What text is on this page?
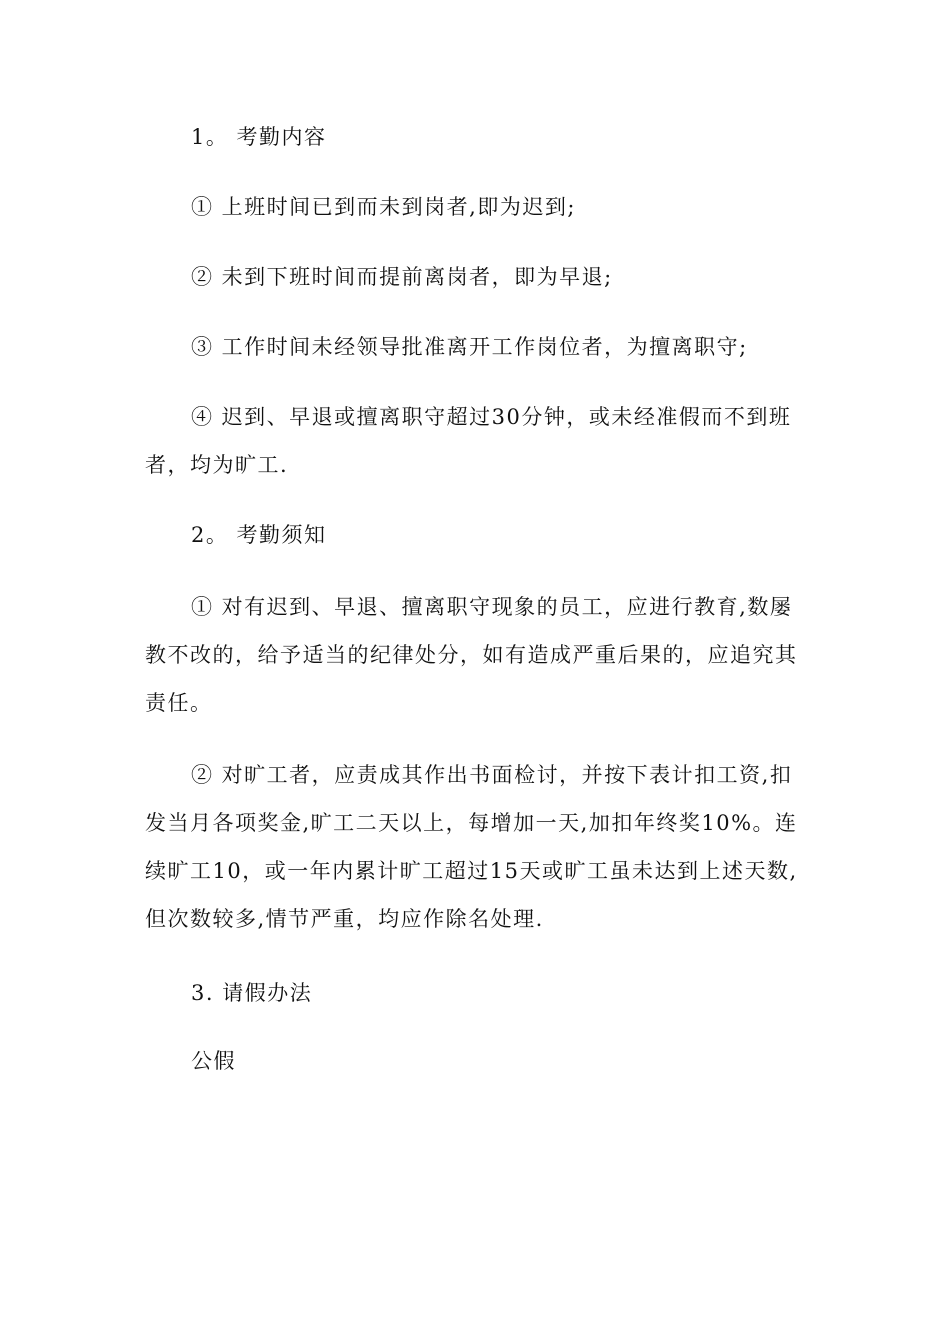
1。 考勤内容

① 上班时间已到而未到岗者,即为迟到;

② 未到下班时间而提前离岗者，即为早退;

③ 工作时间未经领导批准离开工作岗位者，为擅离职守;

④ 迟到、早退或擅离职守超过30分钟，或未经准假而不到班者，均为旷工.

2。 考勤须知

① 对有迟到、早退、擅离职守现象的员工，应进行教育,数屡教不改的，给予适当的纪律处分，如有造成严重后果的，应追究其责任。

② 对旷工者，应责成其作出书面检讨，并按下表计扣工资,扣发当月各项奖金,旷工二天以上，每增加一天,加扣年终奖10%。连续旷工10，或一年内累计旷工超过15天或旷工虽未达到上述天数,但次数较多,情节严重，均应作除名处理.

3. 请假办法

公假
